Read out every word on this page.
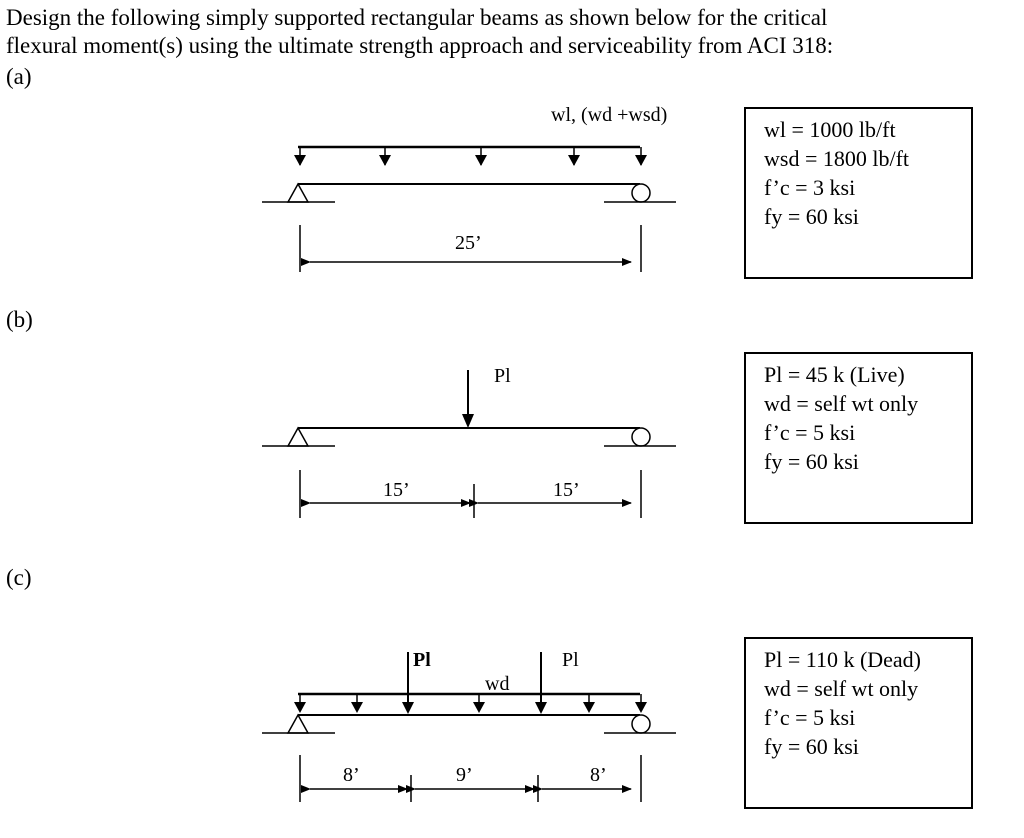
Design the following simply supported rectangular beams as shown below for the critical
flexural moment(s) using the ultimate strength approach and serviceability from ACI 318:
(a)
(b)
(c)
wl, (wd +wsd)
25’
Pl
15’	15’
Pl
wd
Pl
8’	9’	8’
wl = 1000 lb/ft
wsd = 1800 lb/ft
f’c = 3 ksi
fy = 60 ksi
Pl = 45 k (Live)
wd = self wt only
f’c = 5 ksi
fy = 60 ksi
Pl = 110 k (Dead)
wd = self wt only
f’c = 5 ksi
fy = 60 ksi
